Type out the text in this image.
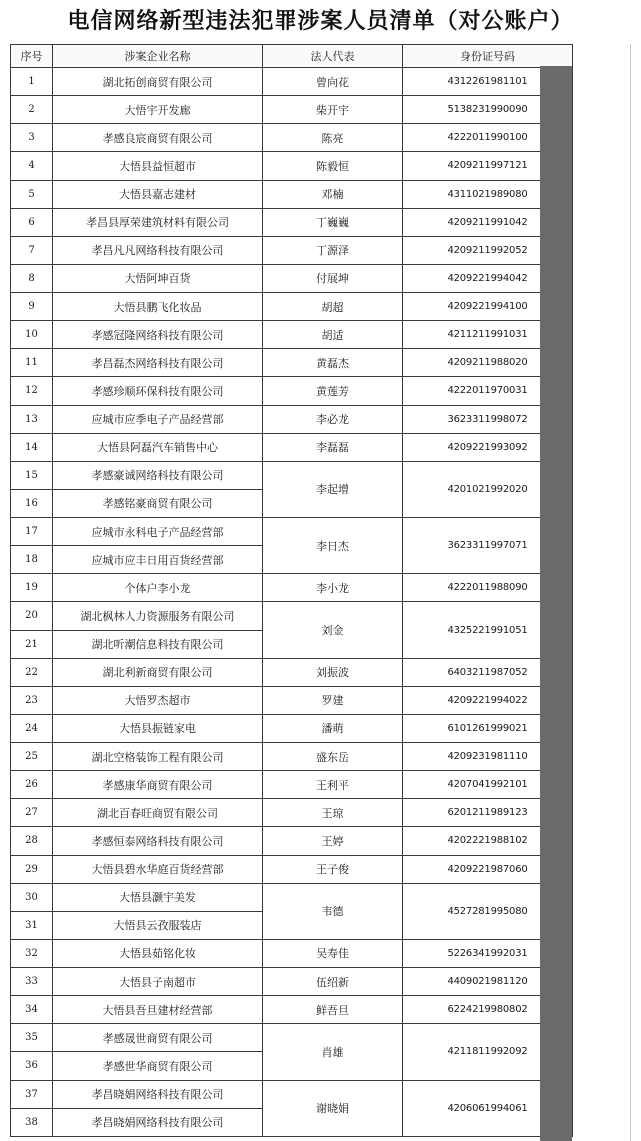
电信网络新型违法犯罪涉案人员清单（对公账户）
序号	涉案企业名称	法人代表	身份证号码
1	湖北拓创商贸有限公司	曾向花	4312261981101
2	大悟宇开发廊	柴开宇	5138231990090
3	孝感良宸商贸有限公司	陈亮	4222011990100
4	大悟县益恒超市	陈毅恒	4209211997121
5	大悟县嘉志建材	邓楠	4311021989080
6	孝昌县厚荣建筑材料有限公司	丁巍巍	4209211991042
7	孝昌凡凡网络科技有限公司	丁源泽	4209211992052
8	大悟阿坤百货	付展坤	4209221994042
9	大悟县鹏飞化妆品	胡超	4209221994100
10	孝感冠隆网络科技有限公司	胡适	4211211991031
11	孝昌磊杰网络科技有限公司	黄磊杰	4209211988020
12	孝感珍顺环保科技有限公司	黄莲芳	4222011970031
13	应城市应季电子产品经营部	李必龙	3623311998072
14	大悟县阿磊汽车销售中心	李磊磊	4209221993092
15	孝感豪诚网络科技有限公司	李起增	4201021992020
16	孝感铭豪商贸有限公司		
17	应城市永科电子产品经营部	李日杰	3623311997071
18	应城市应丰日用百货经营部		
19	个体户李小龙	李小龙	4222011988090
20	湖北枫林人力资源服务有限公司	刘金	4325221991051
21	湖北听潮信息科技有限公司		
22	湖北利新商贸有限公司	刘振波	6403211987052
23	大悟罗杰超市	罗建	4209221994022
24	大悟县振链家电	潘萌	6101261999021
25	湖北空格装饰工程有限公司	盛东岳	4209231981110
26	孝感康华商贸有限公司	王利平	4207041992101
27	湖北百春旺商贸有限公司	王琼	6201211989123
28	孝感恒泰网络科技有限公司	王婷	4202221988102
29	大悟县碧水华庭百货经营部	王子俊	4209221987060
30	大悟县灏宇美发	韦德	4527281995080
31	大悟县云孜服装店		
32	大悟县茹铭化妆	吴寿佳	5226341992031
33	大悟县子南超市	伍绍新	4409021981120
34	大悟县吾旦建材经营部	鲜吾旦	6224219980802
35	孝感晟世商贸有限公司	肖雄	4211811992092
36	孝感世华商贸有限公司		
37	孝昌晓娟网络科技有限公司	谢晓娟	4206061994061
38	孝昌晓娟网络科技有限公司		
